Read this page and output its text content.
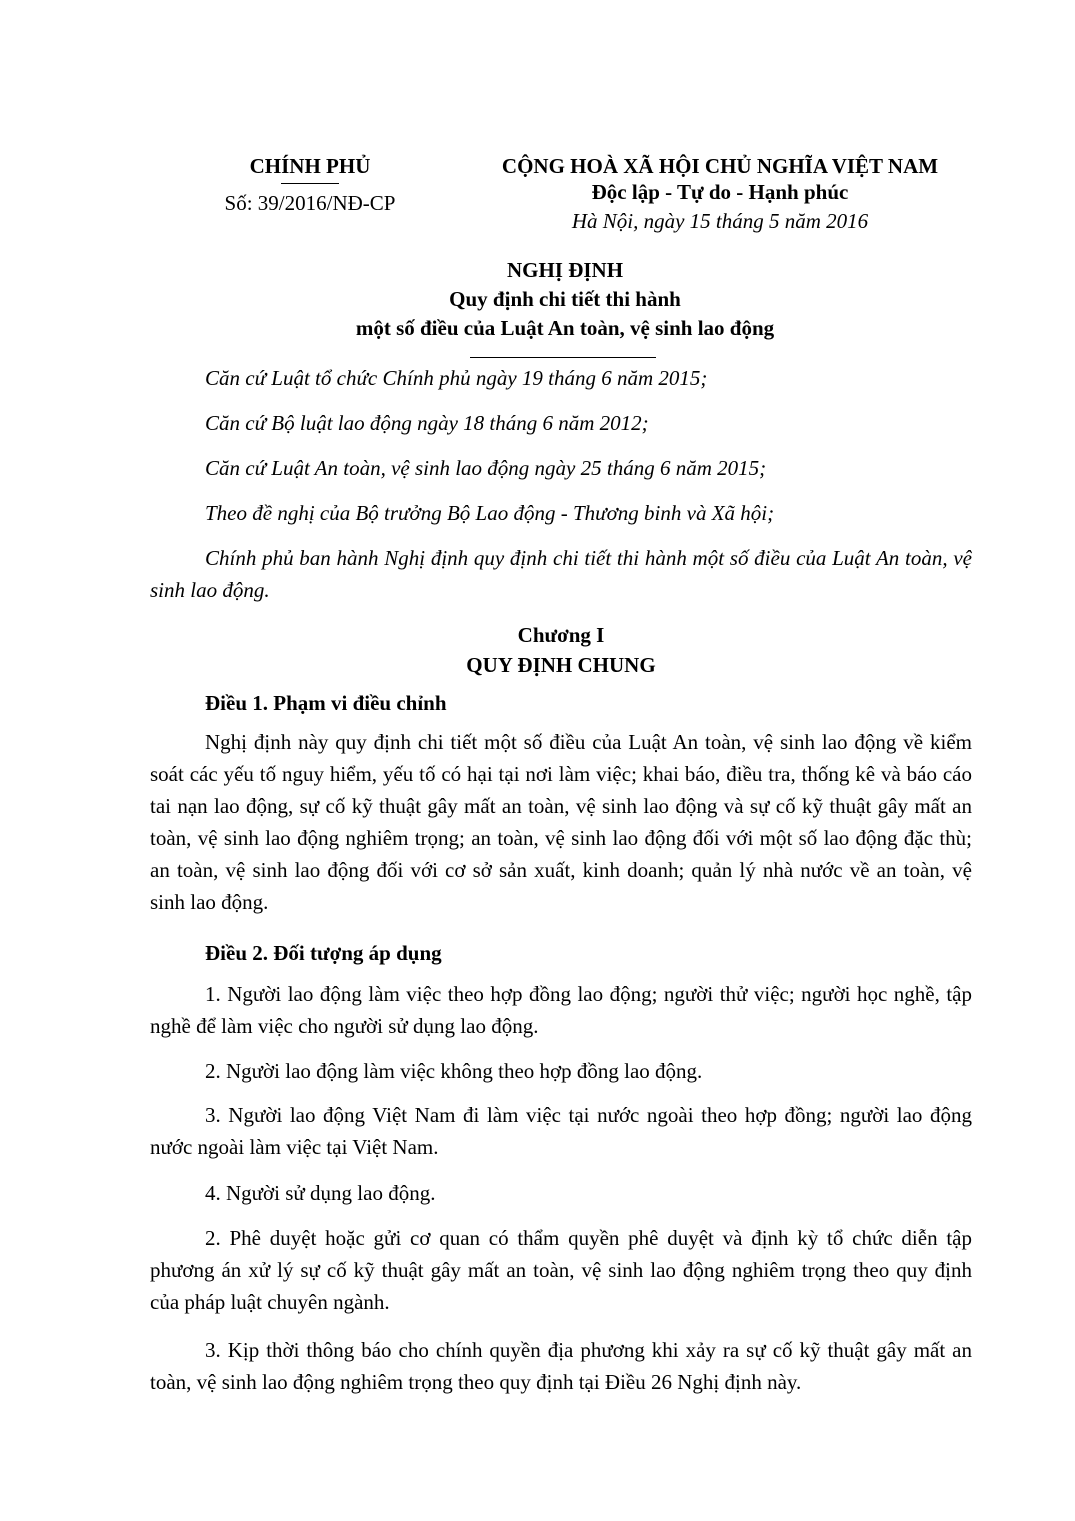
CHÍNH PHỦ
Số: 39/2016/NĐ-CP
CỘNG HOÀ XÃ HỘI CHỦ NGHĨA VIỆT NAM
Độc lập - Tự do - Hạnh phúc
Hà Nội, ngày 15 tháng 5 năm 2016
NGHỊ ĐỊNH
Quy định chi tiết thi hành
một số điều của Luật An toàn, vệ sinh lao động
Căn cứ Luật tổ chức Chính phủ ngày 19 tháng 6 năm 2015;
Căn cứ Bộ luật lao động ngày 18 tháng 6 năm 2012;
Căn cứ Luật An toàn, vệ sinh lao động ngày 25 tháng 6 năm 2015;
Theo đề nghị của Bộ trưởng Bộ Lao động - Thương binh và Xã hội;
Chính phủ ban hành Nghị định quy định chi tiết thi hành một số điều của Luật An toàn, vệ sinh lao động.
Chương I
QUY ĐỊNH CHUNG
Điều 1. Phạm vi điều chỉnh
Nghị định này quy định chi tiết một số điều của Luật An toàn, vệ sinh lao động về kiểm soát các yếu tố nguy hiểm, yếu tố có hại tại nơi làm việc; khai báo, điều tra, thống kê và báo cáo tai nạn lao động, sự cố kỹ thuật gây mất an toàn, vệ sinh lao động và sự cố kỹ thuật gây mất an toàn, vệ sinh lao động nghiêm trọng; an toàn, vệ sinh lao động đối với một số lao động đặc thù; an toàn, vệ sinh lao động đối với cơ sở sản xuất, kinh doanh; quản lý nhà nước về an toàn, vệ sinh lao động.
Điều 2. Đối tượng áp dụng
1. Người lao động làm việc theo hợp đồng lao động; người thử việc; người học nghề, tập nghề để làm việc cho người sử dụng lao động.
2. Người lao động làm việc không theo hợp đồng lao động.
3. Người lao động Việt Nam đi làm việc tại nước ngoài theo hợp đồng; người lao động nước ngoài làm việc tại Việt Nam.
4. Người sử dụng lao động.
2. Phê duyệt hoặc gửi cơ quan có thẩm quyền phê duyệt và định kỳ tổ chức diễn tập phương án xử lý sự cố kỹ thuật gây mất an toàn, vệ sinh lao động nghiêm trọng theo quy định của pháp luật chuyên ngành.
3. Kịp thời thông báo cho chính quyền địa phương khi xảy ra sự cố kỹ thuật gây mất an toàn, vệ sinh lao động nghiêm trọng theo quy định tại Điều 26 Nghị định này.
